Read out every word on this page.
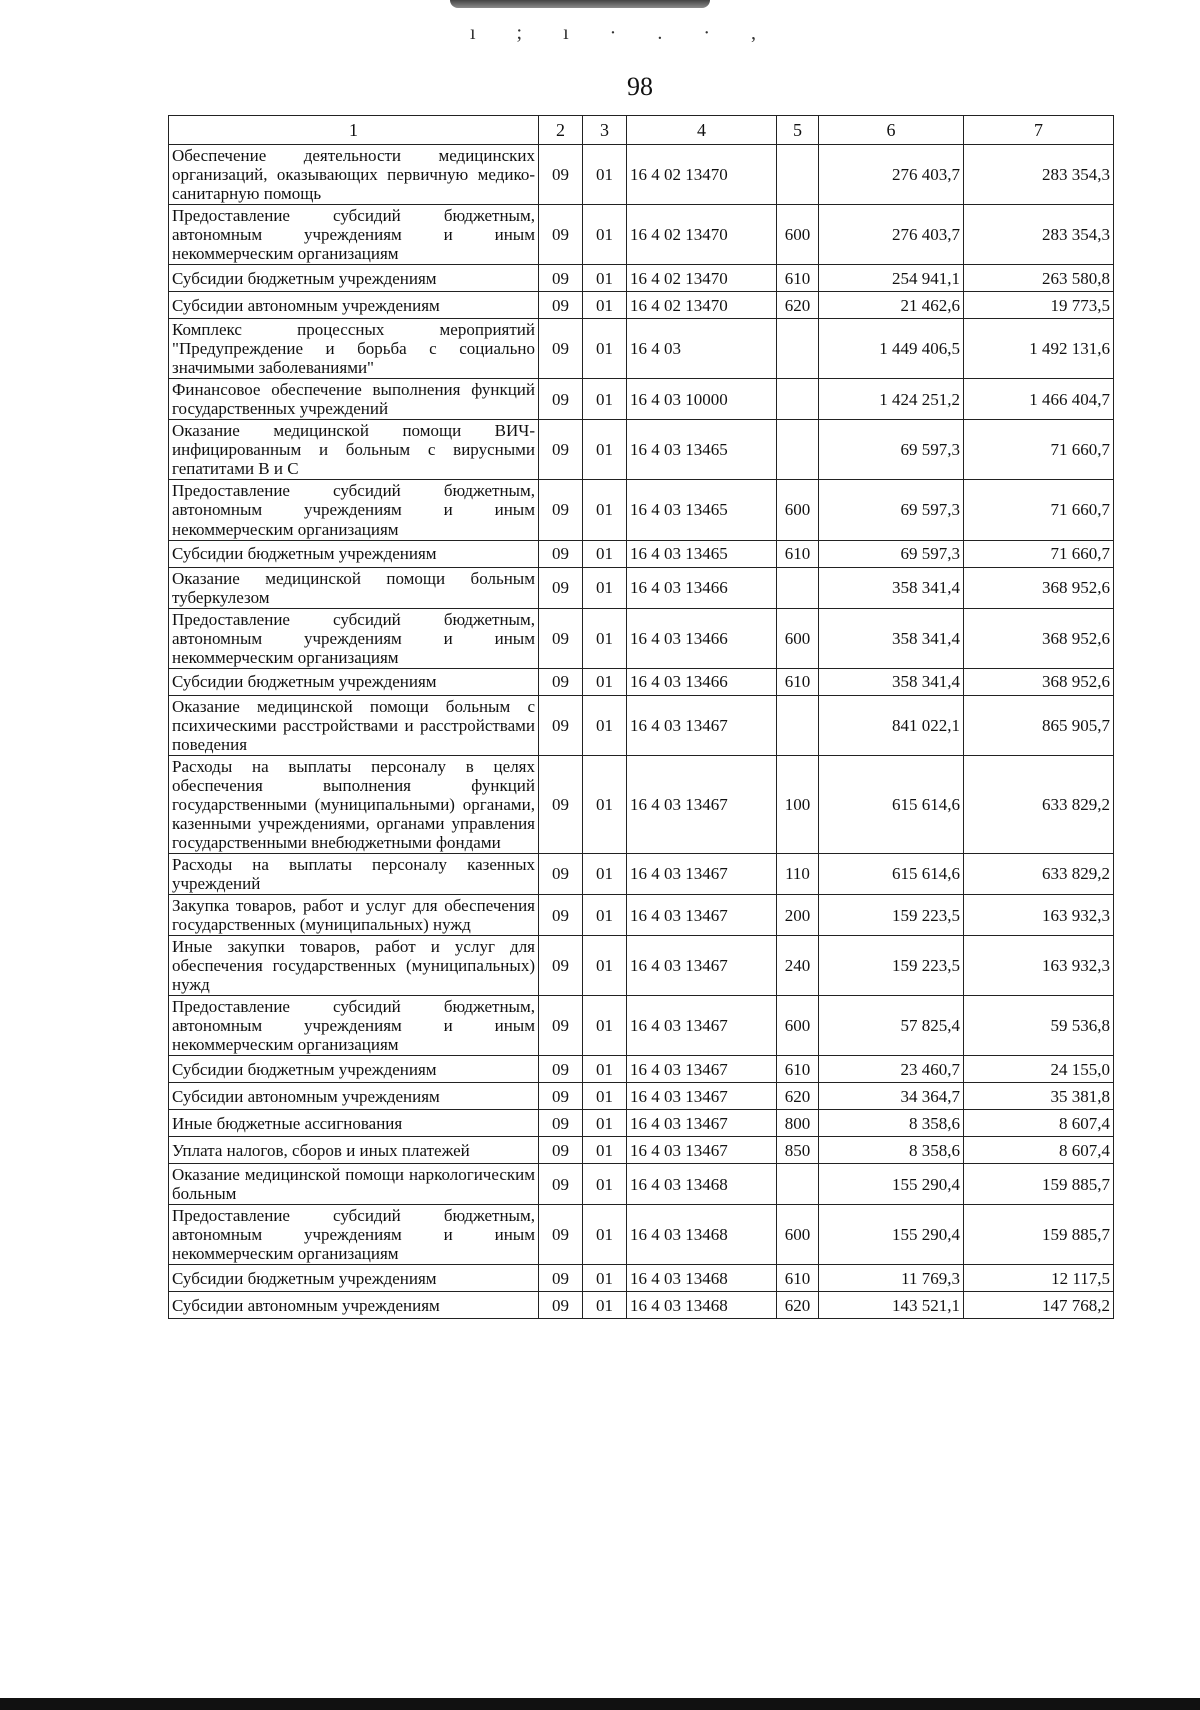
ı ; ı · . · ,
98
1	2	3	4	5	6	7
Обеспечение деятельности медицинских организаций, оказывающих первичную медико-санитарную помощь	09	01	16 4 02 13470		276 403,7	283 354,3
Предоставление субсидий бюджетным, автономным учреждениям и иным некоммерческим организациям	09	01	16 4 02 13470	600	276 403,7	283 354,3
Субсидии бюджетным учреждениям	09	01	16 4 02 13470	610	254 941,1	263 580,8
Субсидии автономным учреждениям	09	01	16 4 02 13470	620	21 462,6	19 773,5
Комплекс процессных мероприятий "Предупреждение и борьба с социально значимыми заболеваниями"	09	01	16 4 03		1 449 406,5	1 492 131,6
Финансовое обеспечение выполнения функций государственных учреждений	09	01	16 4 03 10000		1 424 251,2	1 466 404,7
Оказание медицинской помощи ВИЧ-инфицированным и больным с вирусными гепатитами В и С	09	01	16 4 03 13465		69 597,3	71 660,7
Предоставление субсидий бюджетным, автономным учреждениям и иным некоммерческим организациям	09	01	16 4 03 13465	600	69 597,3	71 660,7
Субсидии бюджетным учреждениям	09	01	16 4 03 13465	610	69 597,3	71 660,7
Оказание медицинской помощи больным туберкулезом	09	01	16 4 03 13466		358 341,4	368 952,6
Предоставление субсидий бюджетным, автономным учреждениям и иным некоммерческим организациям	09	01	16 4 03 13466	600	358 341,4	368 952,6
Субсидии бюджетным учреждениям	09	01	16 4 03 13466	610	358 341,4	368 952,6
Оказание медицинской помощи больным с психическими расстройствами и расстройствами поведения	09	01	16 4 03 13467		841 022,1	865 905,7
Расходы на выплаты персоналу в целях обеспечения выполнения функций государственными (муниципальными) органами, казенными учреждениями, органами управления государственными внебюджетными фондами	09	01	16 4 03 13467	100	615 614,6	633 829,2
Расходы на выплаты персоналу казенных учреждений	09	01	16 4 03 13467	110	615 614,6	633 829,2
Закупка товаров, работ и услуг для обеспечения государственных (муниципальных) нужд	09	01	16 4 03 13467	200	159 223,5	163 932,3
Иные закупки товаров, работ и услуг для обеспечения государственных (муниципальных) нужд	09	01	16 4 03 13467	240	159 223,5	163 932,3
Предоставление субсидий бюджетным, автономным учреждениям и иным некоммерческим организациям	09	01	16 4 03 13467	600	57 825,4	59 536,8
Субсидии бюджетным учреждениям	09	01	16 4 03 13467	610	23 460,7	24 155,0
Субсидии автономным учреждениям	09	01	16 4 03 13467	620	34 364,7	35 381,8
Иные бюджетные ассигнования	09	01	16 4 03 13467	800	8 358,6	8 607,4
Уплата налогов, сборов и иных платежей	09	01	16 4 03 13467	850	8 358,6	8 607,4
Оказание медицинской помощи наркологическим больным	09	01	16 4 03 13468		155 290,4	159 885,7
Предоставление субсидий бюджетным, автономным учреждениям и иным некоммерческим организациям	09	01	16 4 03 13468	600	155 290,4	159 885,7
Субсидии бюджетным учреждениям	09	01	16 4 03 13468	610	11 769,3	12 117,5
Субсидии автономным учреждениям	09	01	16 4 03 13468	620	143 521,1	147 768,2
